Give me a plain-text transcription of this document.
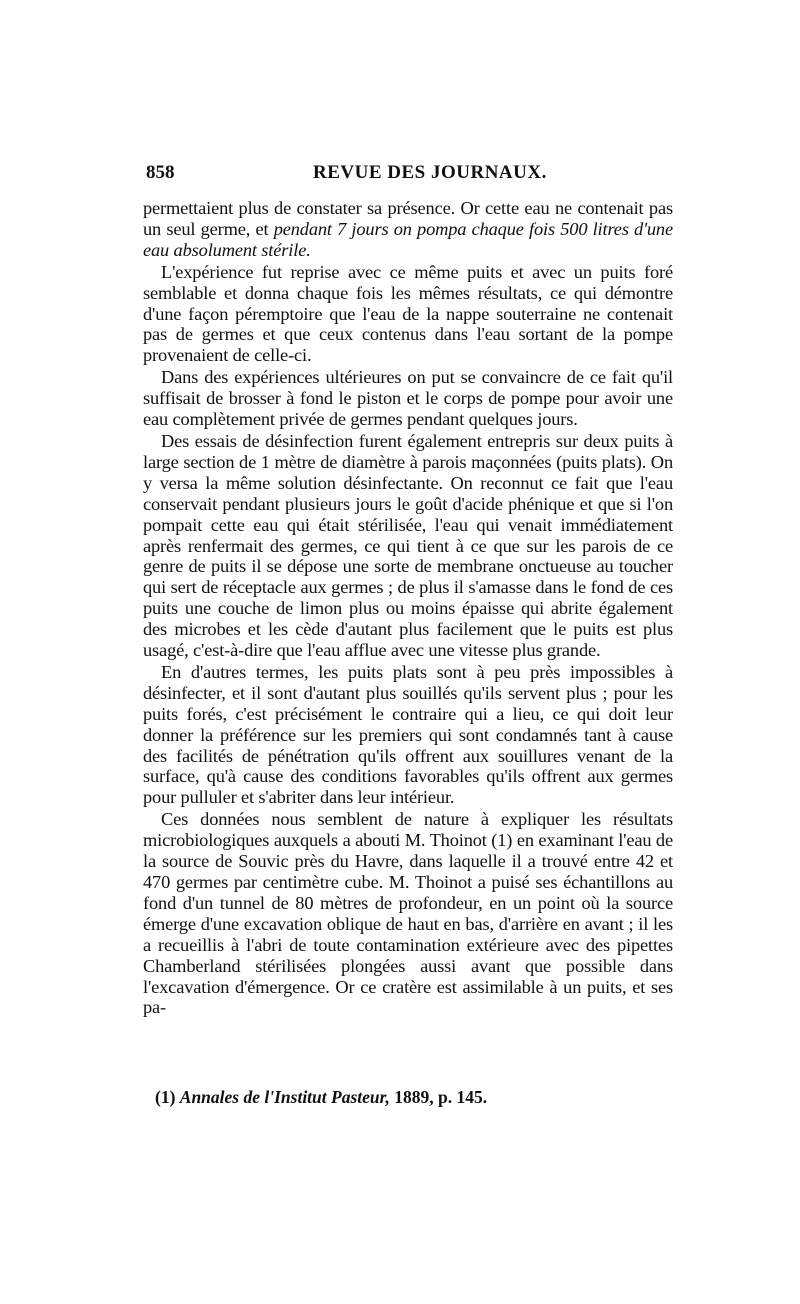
858	REVUE DES JOURNAUX.

permettaient plus de constater sa présence. Or cette eau ne contenait pas un seul germe, et pendant 7 jours on pompa chaque fois 500 litres d'une eau absolument stérile.

L'expérience fut reprise avec ce même puits et avec un puits foré semblable et donna chaque fois les mêmes résultats, ce qui démontre d'une façon péremptoire que l'eau de la nappe souterraine ne contenait pas de germes et que ceux contenus dans l'eau sortant de la pompe provenaient de celle-ci.

Dans des expériences ultérieures on put se convaincre de ce fait qu'il suffisait de brosser à fond le piston et le corps de pompe pour avoir une eau complètement privée de germes pendant quelques jours.

Des essais de désinfection furent également entrepris sur deux puits à large section de 1 mètre de diamètre à parois maçonnées (puits plats). On y versa la même solution désinfectante. On reconnut ce fait que l'eau conservait pendant plusieurs jours le goût d'acide phénique et que si l'on pompait cette eau qui était stérilisée, l'eau qui venait immédiatement après renfermait des germes, ce qui tient à ce que sur les parois de ce genre de puits il se dépose une sorte de membrane onctueuse au toucher qui sert de réceptacle aux germes ; de plus il s'amasse dans le fond de ces puits une couche de limon plus ou moins épaisse qui abrite également des microbes et les cède d'autant plus facilement que le puits est plus usagé, c'est-à-dire que l'eau afflue avec une vitesse plus grande.

En d'autres termes, les puits plats sont à peu près impossibles à désinfecter, et il sont d'autant plus souillés qu'ils servent plus ; pour les puits forés, c'est précisément le contraire qui a lieu, ce qui doit leur donner la préférence sur les premiers qui sont condamnés tant à cause des facilités de pénétration qu'ils offrent aux souillures venant de la surface, qu'à cause des conditions favorables qu'ils offrent aux germes pour pulluler et s'abriter dans leur intérieur.

Ces données nous semblent de nature à expliquer les résultats microbiologiques auxquels a abouti M. Thoinot (1) en examinant l'eau de la source de Souvic près du Havre, dans laquelle il a trouvé entre 42 et 470 germes par centimètre cube. M. Thoinot a puisé ses échantillons au fond d'un tunnel de 80 mètres de profondeur, en un point où la source émerge d'une excavation oblique de haut en bas, d'arrière en avant ; il les a recueillis à l'abri de toute contamination extérieure avec des pipettes Chamberland stérilisées plongées aussi avant que possible dans l'excavation d'émergence. Or ce cratère est assimilable à un puits, et ses pa-

(1) Annales de l'Institut Pasteur, 1889, p. 145.
